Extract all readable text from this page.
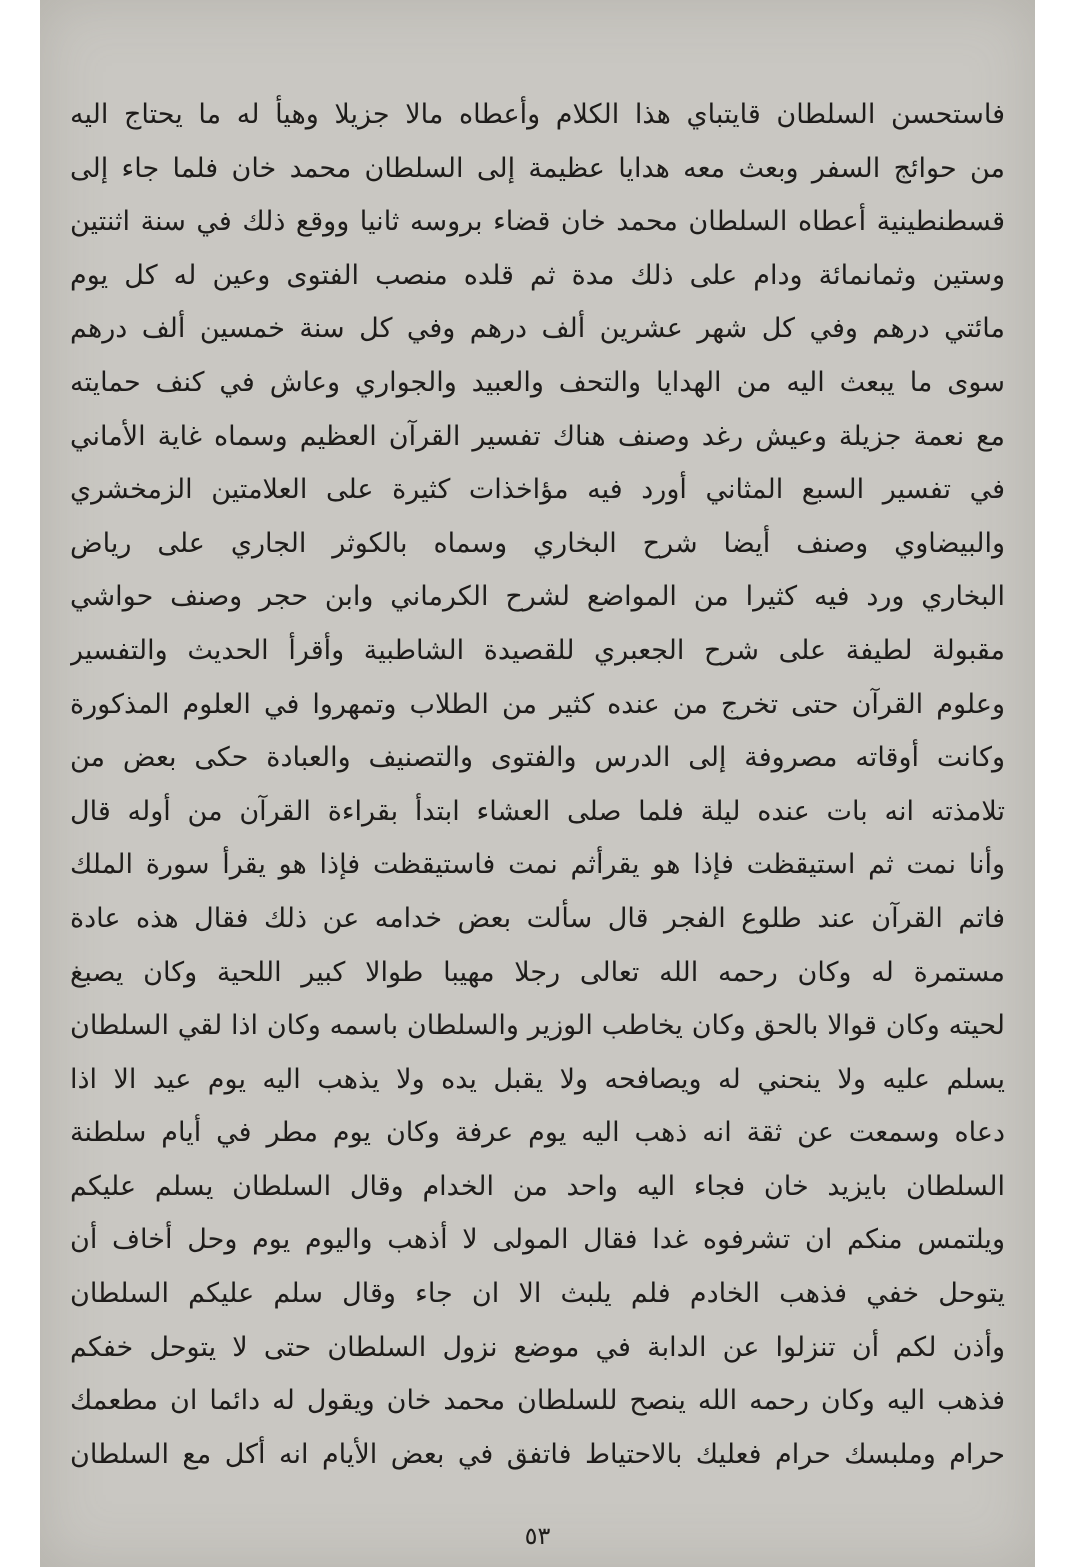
فاستحسن السلطان قايتباي هذا الكلام وأعطاه مالا جزيلا وهيأ له ما يحتاج اليه
من حوائج السفر وبعث معه هدايا عظيمة إلى السلطان محمد خان فلما جاء إلى
قسطنطينية أعطاه السلطان محمد خان قضاء بروسه ثانيا ووقع ذلك في سنة اثنتين
وستين وثمانمائة ودام على ذلك مدة ثم قلده منصب الفتوى وعين له كل يوم
مائتي درهم وفي كل شهر عشرين ألف درهم وفي كل سنة خمسين ألف درهم
سوى ما يبعث اليه من الهدايا والتحف والعبيد والجواري وعاش في كنف حمايته
مع نعمة جزيلة وعيش رغد وصنف هناك تفسير القرآن العظيم وسماه غاية الأماني
في تفسير السبع المثاني أورد فيه مؤاخذات كثيرة على العلامتين الزمخشري
والبيضاوي وصنف أيضا شرح البخاري وسماه بالكوثر الجاري على رياض
البخاري ورد فيه كثيرا من المواضع لشرح الكرماني وابن حجر وصنف حواشي
مقبولة لطيفة على شرح الجعبري للقصيدة الشاطبية وأقرأ الحديث والتفسير
وعلوم القرآن حتى تخرج من عنده كثير من الطلاب وتمهروا في العلوم المذكورة
وكانت أوقاته مصروفة إلى الدرس والفتوى والتصنيف والعبادة حكى بعض من
تلامذته انه بات عنده ليلة فلما صلى العشاء ابتدأ بقراءة القرآن من أوله قال
وأنا نمت ثم استيقظت فإذا هو يقرأثم نمت فاستيقظت فإذا هو يقرأ سورة الملك
فاتم القرآن عند طلوع الفجر قال سألت بعض خدامه عن ذلك فقال هذه عادة
مستمرة له وكان رحمه الله تعالى رجلا مهيبا طوالا كبير اللحية وكان يصبغ
لحيته وكان قوالا بالحق وكان يخاطب الوزير والسلطان باسمه وكان اذا لقي السلطان
يسلم عليه ولا ينحني له ويصافحه ولا يقبل يده ولا يذهب اليه يوم عيد الا اذا
دعاه وسمعت عن ثقة انه ذهب اليه يوم عرفة وكان يوم مطر في أيام سلطنة
السلطان بايزيد خان فجاء اليه واحد من الخدام وقال السلطان يسلم عليكم
ويلتمس منكم ان تشرفوه غدا فقال المولى لا أذهب واليوم يوم وحل أخاف أن
يتوحل خفي فذهب الخادم فلم يلبث الا ان جاء وقال سلم عليكم السلطان
وأذن لكم أن تنزلوا عن الدابة في موضع نزول السلطان حتى لا يتوحل خفكم
فذهب اليه وكان رحمه الله ينصح للسلطان محمد خان ويقول له دائما ان مطعمك
حرام وملبسك حرام فعليك بالاحتياط فاتفق في بعض الأيام انه أكل مع السلطان
٥٣
